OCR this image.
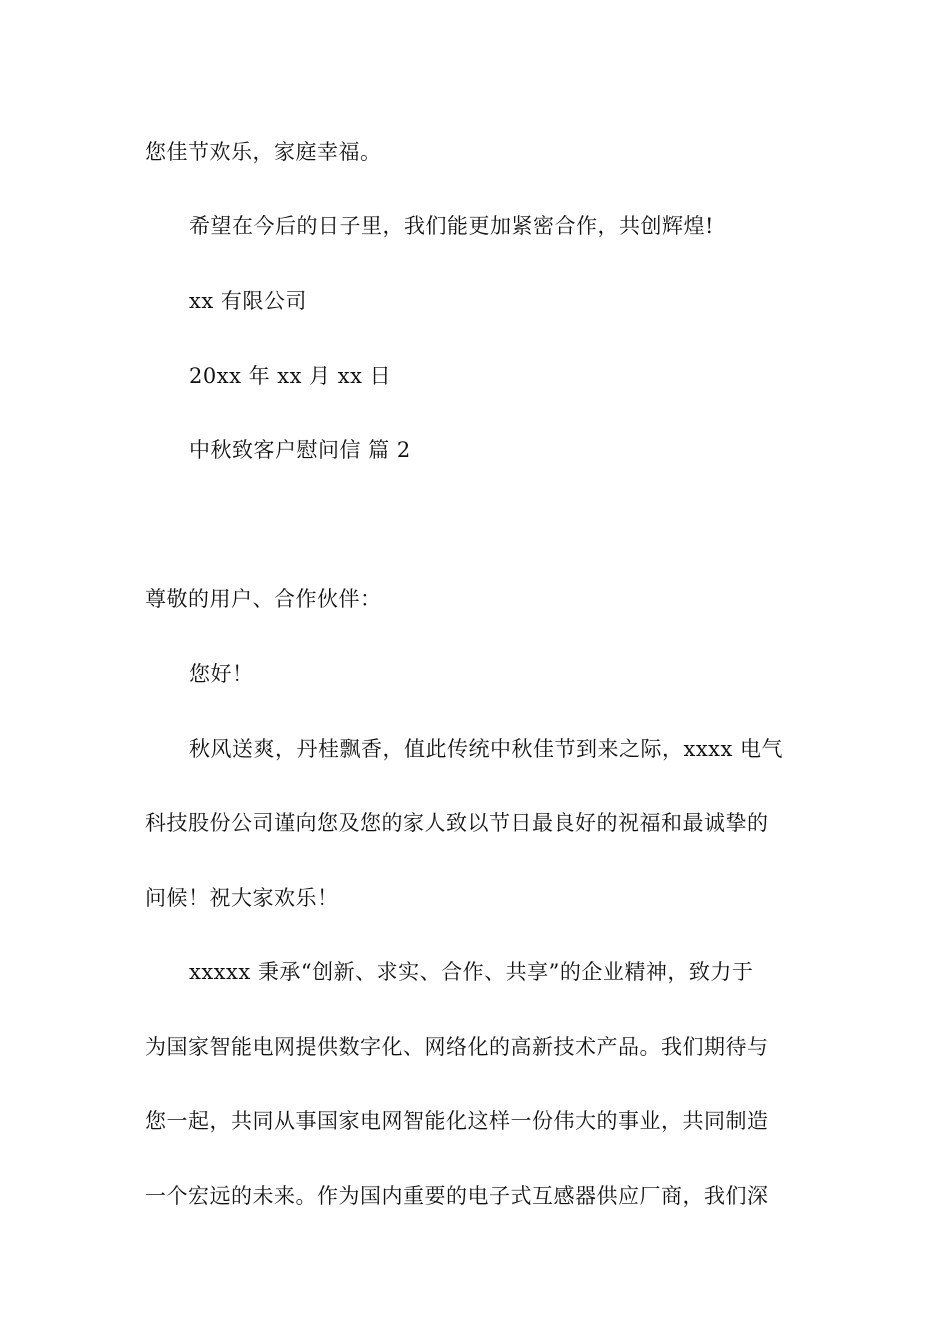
您佳节欢乐，家庭幸福。
希望在今后的日子里，我们能更加紧密合作，共创辉煌!
xx 有限公司
20xx 年 xx 月 xx 日
中秋致客户慰问信 篇 2
尊敬的用户、合作伙伴：
您好！
秋风送爽，丹桂飘香，值此传统中秋佳节到来之际，xxxx 电气
科技股份公司谨向您及您的家人致以节日最良好的祝福和最诚挚的
问候！祝大家欢乐！
xxxxx 秉承“创新、求实、合作、共享”的企业精神，致力于
为国家智能电网提供数字化、网络化的高新技术产品。我们期待与
您一起，共同从事国家电网智能化这样一份伟大的事业，共同制造
一个宏远的未来。作为国内重要的电子式互感器供应厂商，我们深
